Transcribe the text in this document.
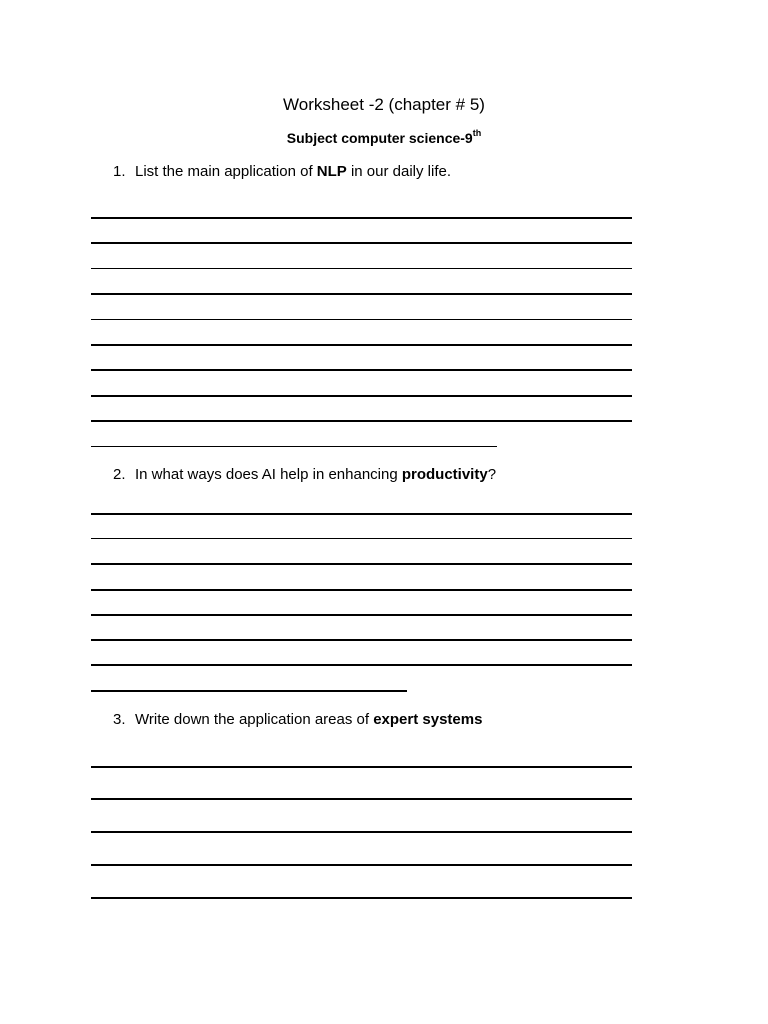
Worksheet -2 (chapter # 5)
Subject computer science-9th
1. List the main application of NLP in our daily life.
2. In what ways does AI help in enhancing productivity?
3. Write down the application areas of expert systems
